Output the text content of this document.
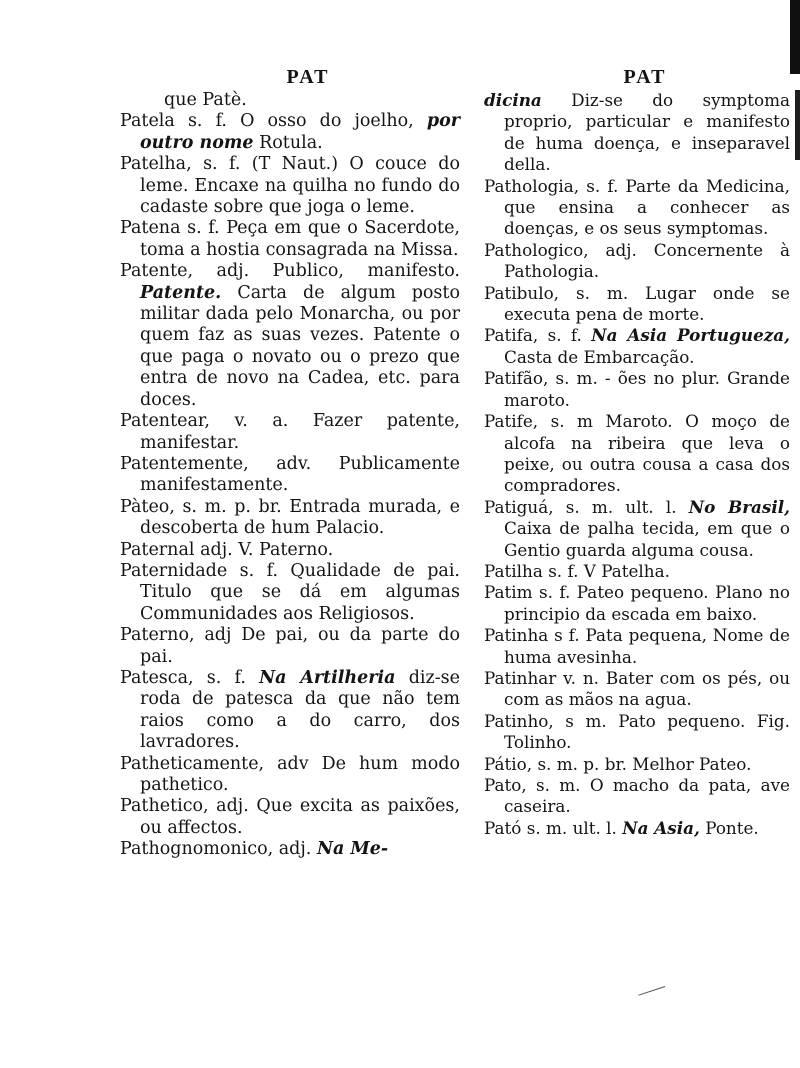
PAT

que Patè.

Patela s. f. O osso do joelho, por outro nome Rotula.

Patelha, s. f. (T Naut.) O couce do leme. Encaxe na quilha no fundo do cadaste sobre que joga o leme.

Patena s. f. Peça em que o Sacerdote, toma a hostia consagrada na Missa.

Patente, adj. Publico, manifesto. Patente. Carta de algum posto militar dada pelo Monarcha, ou por quem faz as suas vezes. Patente o que paga o novato ou o prezo que entra de novo na Cadea, etc. para doces.

Patentear, v. a. Fazer patente, manifestar.

Patentemente, adv. Publicamente manifestamente.

Pàteo, s. m. p. br. Entrada murada, e descoberta de hum Palacio.

Paternal adj. V. Paterno.

Paternidade s. f. Qualidade de pai. Titulo que se dá em algumas Communidades aos Religiosos.

Paterno, adj De pai, ou da parte do pai.

Patesca, s. f. Na Artilheria diz-se roda de patesca da que não tem raios como a do carro, dos lavradores.

Patheticamente, adv De hum modo pathetico.

Pathetico, adj. Que excita as paixões, ou affectos.

Pathognomonico, adj. Na Me-

PAT

dicina Diz-se do symptoma proprio, particular e manifesto de huma doença, e inseparavel della.

Pathologia, s. f. Parte da Medicina, que ensina a conhecer as doenças, e os seus symptomas.

Pathologico, adj. Concernente à Pathologia.

Patibulo, s. m. Lugar onde se executa pena de morte.

Patifa, s. f. Na Asia Portugueza, Casta de Embarcação.

Patifão, s. m. - ões no plur. Grande maroto.

Patife, s. m Maroto. O moço de alcofa na ribeira que leva o peixe, ou outra cousa a casa dos compradores.

Patiguá, s. m. ult. l. No Brasil, Caixa de palha tecida, em que o Gentio guarda alguma cousa.

Patilha s. f. V Patelha.

Patim s. f. Pateo pequeno. Plano no principio da escada em baixo.

Patinha s f. Pata pequena, Nome de huma avesinha.

Patinhar v. n. Bater com os pés, ou com as mãos na agua.

Patinho, s m. Pato pequeno. Fig. Tolinho.

Pátio, s. m. p. br. Melhor Pateo.

Pato, s. m. O macho da pata, ave caseira.

Pató s. m. ult. l. Na Asia, Ponte.
